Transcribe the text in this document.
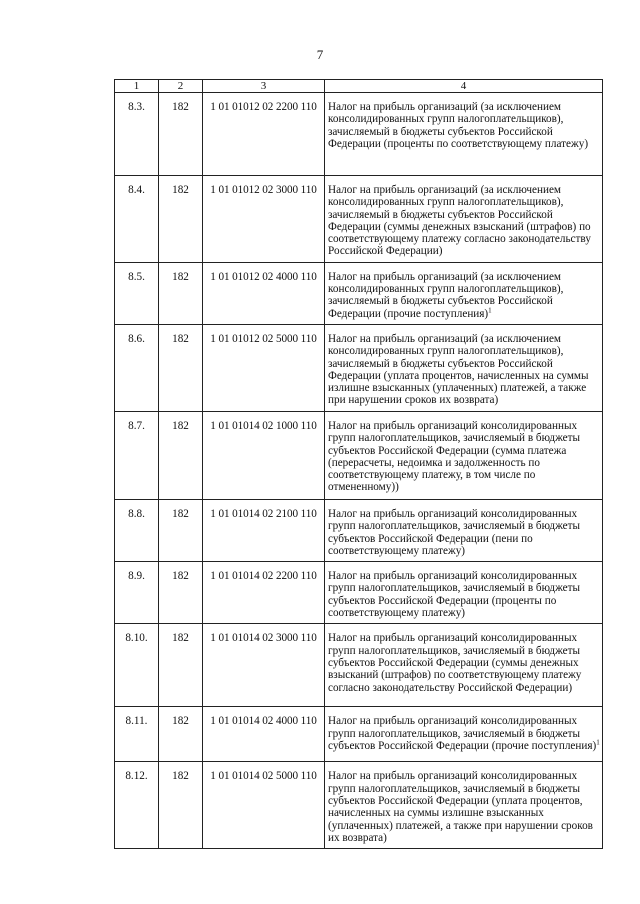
7
1	2	3	4
8.3.	182	1 01 01012 02 2200 110	Налог на прибыль организаций (за исключением консолидированных групп налогоплательщиков), зачисляемый в бюджеты субъектов Российской Федерации (проценты по соответствующему платежу)
8.4.	182	1 01 01012 02 3000 110	Налог на прибыль организаций (за исключением консолидированных групп налогоплательщиков), зачисляемый в бюджеты субъектов Российской Федерации (суммы денежных взысканий (штрафов) по соответствующему платежу согласно законодательству Российской Федерации)
8.5.	182	1 01 01012 02 4000 110	Налог на прибыль организаций (за исключением консолидированных групп налогоплательщиков), зачисляемый в бюджеты субъектов Российской Федерации (прочие поступления)$^1$
8.6.	182	1 01 01012 02 5000 110	Налог на прибыль организаций (за исключением консолидированных групп налогоплательщиков), зачисляемый в бюджеты субъектов Российской Федерации (уплата процентов, начисленных на суммы излишне взысканных (уплаченных) платежей, а также при нарушении сроков их возврата)
8.7.	182	1 01 01014 02 1000 110	Налог на прибыль организаций консолидированных групп налогоплательщиков, зачисляемый в бюджеты субъектов Российской Федерации (сумма платежа (перерасчеты, недоимка и задолженность по соответствующему платежу, в том числе по отмененному))
8.8.	182	1 01 01014 02 2100 110	Налог на прибыль организаций консолидированных групп налогоплательщиков, зачисляемый в бюджеты субъектов Российской Федерации (пени по соответствующему платежу)
8.9.	182	1 01 01014 02 2200 110	Налог на прибыль организаций консолидированных групп налогоплательщиков, зачисляемый в бюджеты субъектов Российской Федерации (проценты по соответствующему платежу)
8.10.	182	1 01 01014 02 3000 110	Налог на прибыль организаций консолидированных групп налогоплательщиков, зачисляемый в бюджеты субъектов Российской Федерации (суммы денежных взысканий (штрафов) по соответствующему платежу согласно законодательству Российской Федерации)
8.11.	182	1 01 01014 02 4000 110	Налог на прибыль организаций консолидированных групп налогоплательщиков, зачисляемый в бюджеты субъектов Российской Федерации (прочие поступления)$^1$
8.12.	182	1 01 01014 02 5000 110	Налог на прибыль организаций консолидированных групп налогоплательщиков, зачисляемый в бюджеты субъектов Российской Федерации (уплата процентов, начисленных на суммы излишне взысканных (уплаченных) платежей, а также при нарушении сроков их возврата)
